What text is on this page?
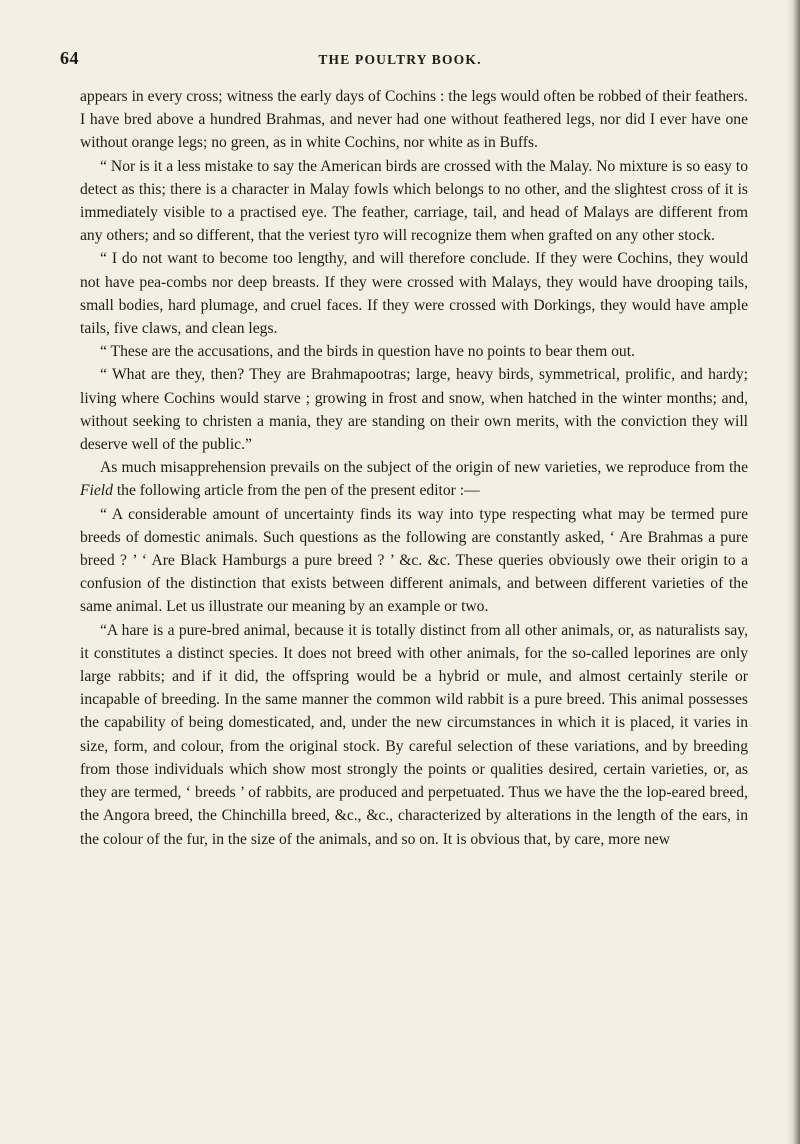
64	THE POULTRY BOOK.

appears in every cross; witness the early days of Cochins : the legs would often be robbed of their feathers. I have bred above a hundred Brahmas, and never had one without feathered legs, nor did I ever have one without orange legs; no green, as in white Cochins, nor white as in Buffs.

“ Nor is it a less mistake to say the American birds are crossed with the Malay. No mixture is so easy to detect as this; there is a character in Malay fowls which belongs to no other, and the slightest cross of it is immediately visible to a practised eye. The feather, carriage, tail, and head of Malays are different from any others; and so different, that the veriest tyro will recognize them when grafted on any other stock.

“ I do not want to become too lengthy, and will therefore conclude. If they were Cochins, they would not have pea-combs nor deep breasts. If they were crossed with Malays, they would have drooping tails, small bodies, hard plumage, and cruel faces. If they were crossed with Dorkings, they would have ample tails, five claws, and clean legs.

“ These are the accusations, and the birds in question have no points to bear them out.

“ What are they, then? They are Brahmapootras; large, heavy birds, symmetrical, prolific, and hardy; living where Cochins would starve ; growing in frost and snow, when hatched in the winter months; and, without seeking to christen a mania, they are standing on their own merits, with the conviction they will deserve well of the public.”

As much misapprehension prevails on the subject of the origin of new varieties, we reproduce from the Field the following article from the pen of the present editor :—

“ A considerable amount of uncertainty finds its way into type respecting what may be termed pure breeds of domestic animals. Such questions as the following are constantly asked, ‘ Are Brahmas a pure breed ? ’ ‘ Are Black Hamburgs a pure breed ? ’ &c. &c. These queries obviously owe their origin to a confusion of the distinction that exists between different animals, and between different varieties of the same animal. Let us illustrate our meaning by an example or two.

“A hare is a pure-bred animal, because it is totally distinct from all other animals, or, as naturalists say, it constitutes a distinct species. It does not breed with other animals, for the so-called leporines are only large rabbits; and if it did, the offspring would be a hybrid or mule, and almost certainly sterile or incapable of breeding. In the same manner the common wild rabbit is a pure breed. This animal possesses the capability of being domesticated, and, under the new circumstances in which it is placed, it varies in size, form, and colour, from the original stock. By careful selection of these variations, and by breeding from those individuals which show most strongly the points or qualities desired, certain varieties, or, as they are termed, ‘ breeds ’ of rabbits, are produced and perpetuated. Thus we have the the lop-eared breed, the Angora breed, the Chinchilla breed, &c., &c., characterized by alterations in the length of the ears, in the colour of the fur, in the size of the animals, and so on. It is obvious that, by care, more new
